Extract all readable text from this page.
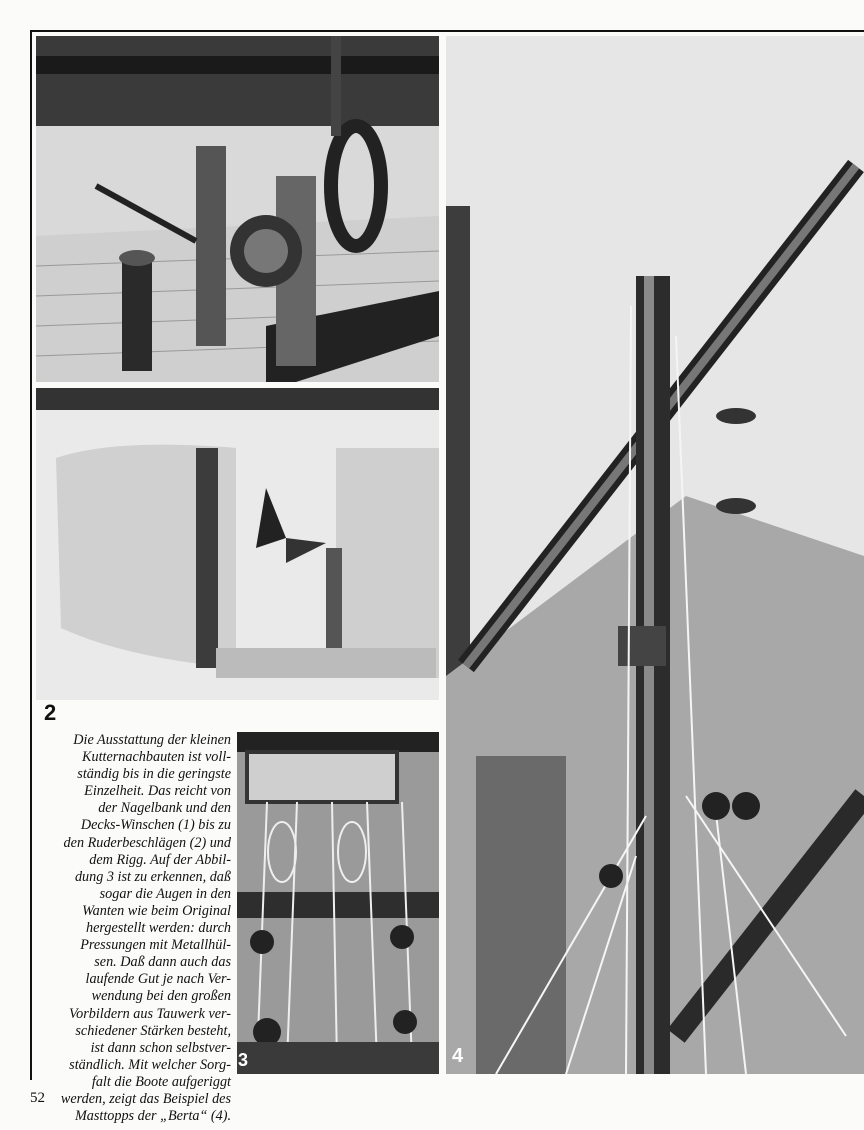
2
3	4
Die Ausstattung der kleinen
Kutternachbauten ist voll-
ständig bis in die geringste
Einzelheit. Das reicht von
der Nagelbank und den
Decks-Winschen (1) bis zu
den Ruderbeschlägen (2) und
dem Rigg. Auf der Abbil-
dung 3 ist zu erkennen, daß
sogar die Augen in den
Wanten wie beim Original
hergestellt werden: durch
Pressungen mit Metallhül-
sen. Daß dann auch das
laufende Gut je nach Ver-
wendung bei den großen
Vorbildern aus Tauwerk ver-
schiedener Stärken besteht,
ist dann schon selbstver-
ständlich. Mit welcher Sorg-
falt die Boote aufgeriggt
werden, zeigt das Beispiel des
Masttopps der „Berta“ (4).
52
